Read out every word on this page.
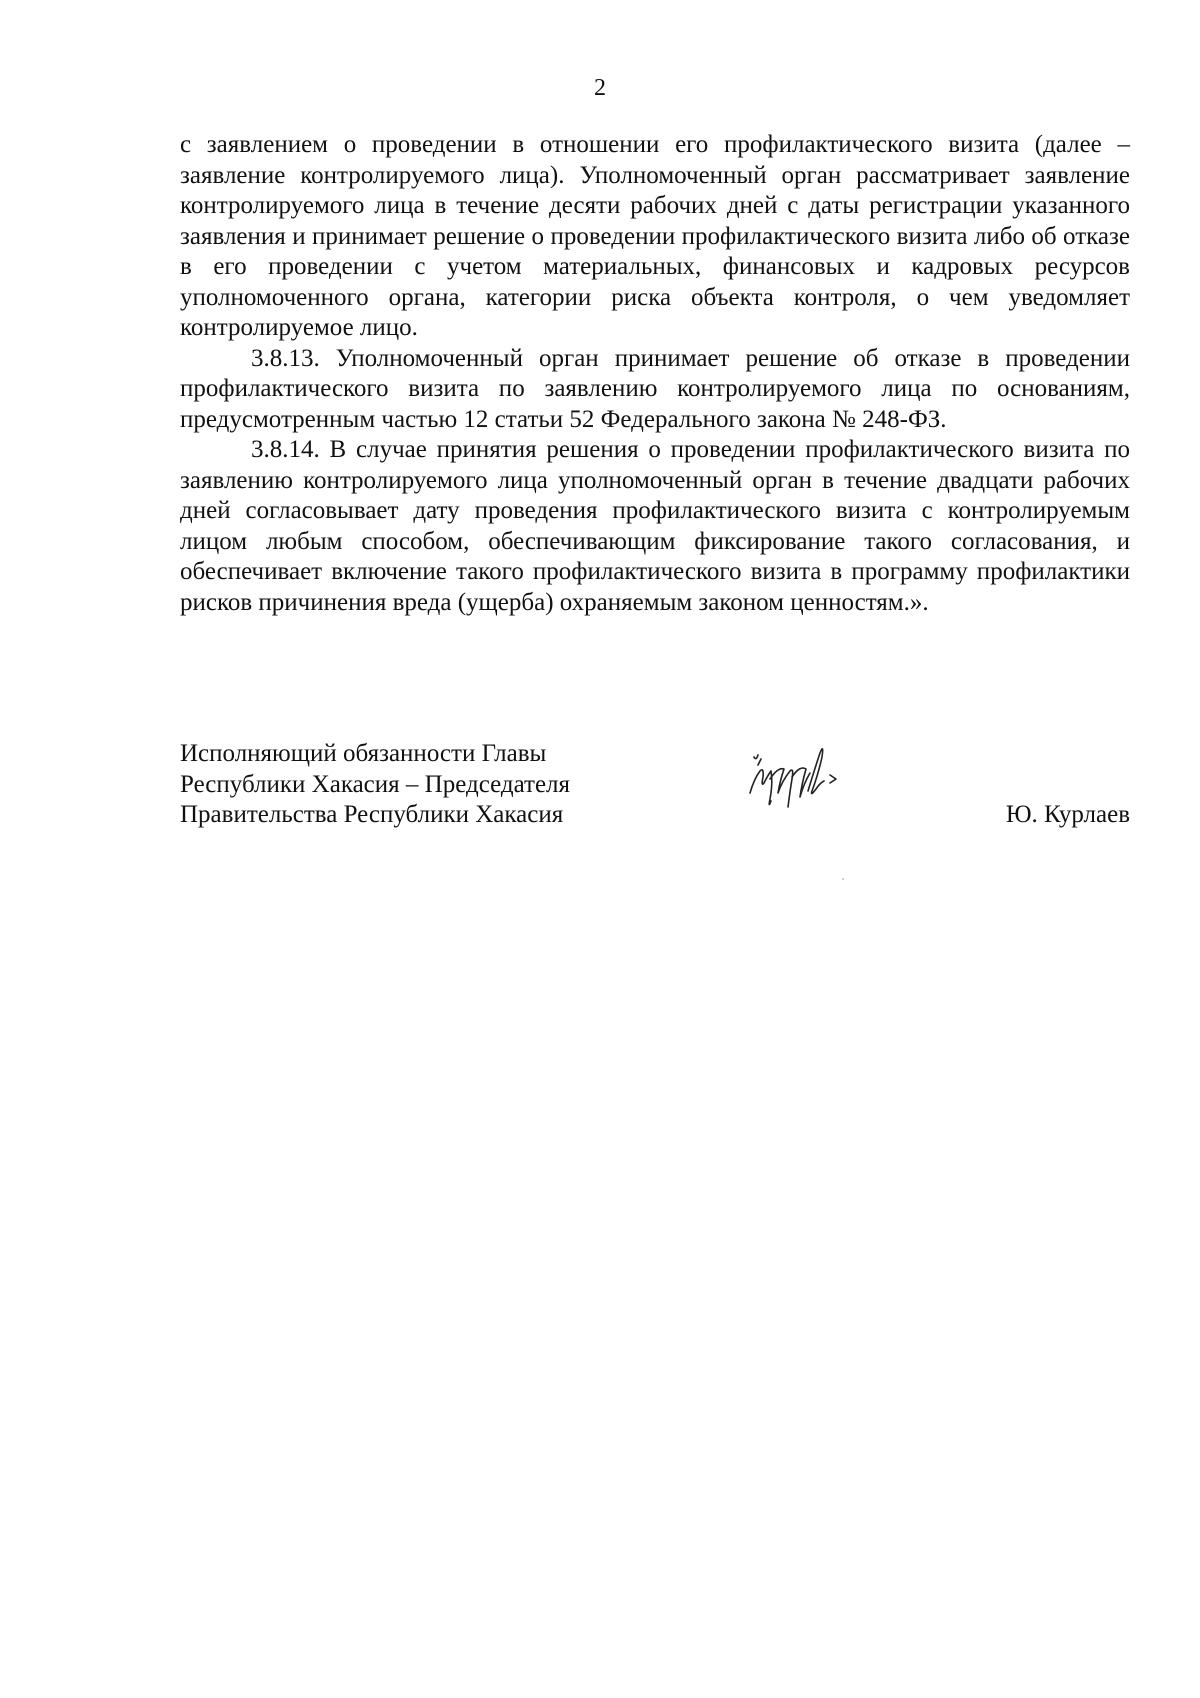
2

с заявлением о проведении в отношении его профилактического визита (далее – заявление контролируемого лица). Уполномоченный орган рассматривает заявление контролируемого лица в течение десяти рабочих дней с даты регистрации указанного заявления и принимает решение о проведении профилактического визита либо об отказе в его проведении с учетом материальных, финансовых и кадровых ресурсов уполномоченного органа, категории риска объекта контроля, о чем уведомляет контролируемое лицо.

3.8.13. Уполномоченный орган принимает решение об отказе в проведении профилактического визита по заявлению контролируемого лица по основаниям, предусмотренным частью 12 статьи 52 Федерального закона № 248-ФЗ.

3.8.14. В случае принятия решения о проведении профилактического визита по заявлению контролируемого лица уполномоченный орган в течение двадцати рабочих дней согласовывает дату проведения профилактического визита с контролируемым лицом любым способом, обеспечивающим фиксирование такого согласования, и обеспечивает включение такого профилактического визита в программу профилактики рисков причинения вреда (ущерба) охраняемым законом ценностям.».

Исполняющий обязанности Главы
Республики Хакасия – Председателя
Правительства Республики Хакасия	Ю. Курлаев
